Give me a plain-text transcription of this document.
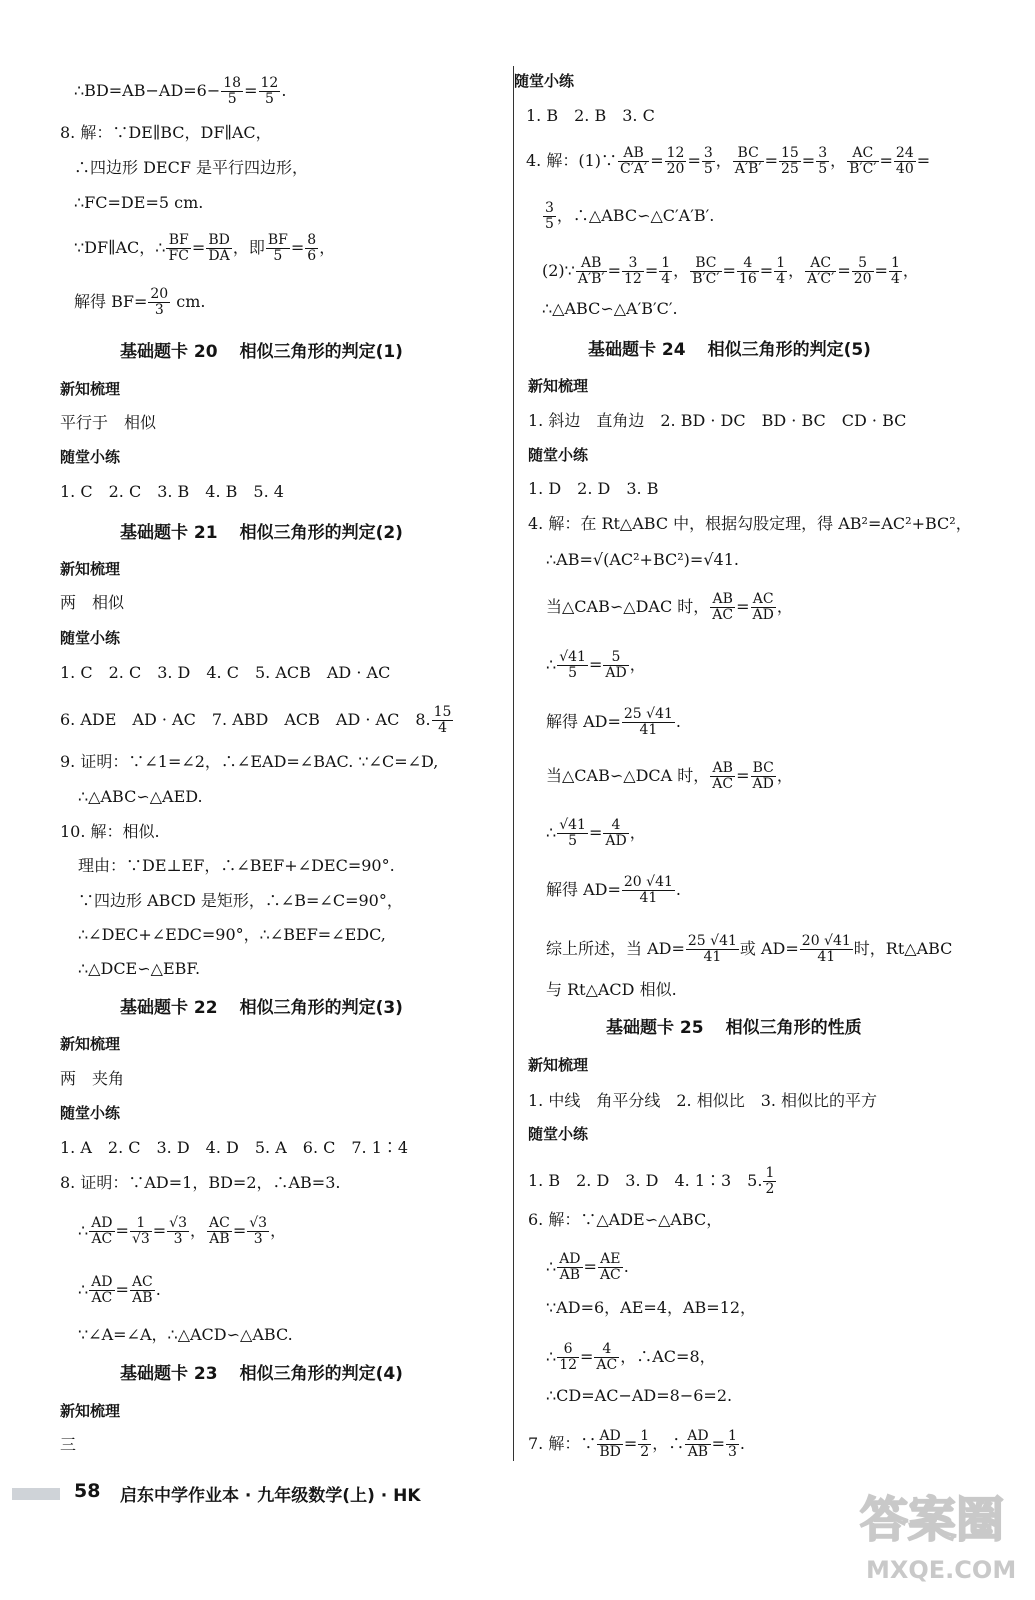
∴BD=AB−AD=6− $\frac{18}{5} = \frac{12}{5}$ .
8. 解：∵DE∥BC，DF∥AC，
∴四边形 DECF 是平行四边形，
∴FC=DE=5 cm.
∵DF∥AC，∴ $\frac{BF}{FC} = \frac{BD}{DA}$ ，即 $\frac{BF}{5} = \frac{8}{6}$ ，
解得 $BF= \frac{20}{3}$ cm.
基础题卡 20 相似三角形的判定(1)
新知梳理
平行于　相似
随堂小练
1. C　2. C　3. B　4. B　5. 4
基础题卡 21 相似三角形的判定(2)
新知梳理
两　相似
随堂小练
1. C　2. C　3. D　4. C　5. ACB　AD · AC
6. ADE　AD · AC　7. ABD　ACB　AD · AC　8. $\frac{15}{4}$
9. 证明：∵∠1=∠2，∴∠EAD=∠BAC. ∵∠C=∠D,
∴△ABC∽△AED.
10. 解：相似.
理由：∵DE⊥EF，∴∠BEF+∠DEC=90°.
∵四边形 ABCD 是矩形，∴∠B=∠C=90°，
∴∠DEC+∠EDC=90°，∴∠BEF=∠EDC,
∴△DCE∽△EBF.
基础题卡 22 相似三角形的判定(3)
新知梳理
两　夹角
随堂小练
1. A　2. C　3. D　4. D　5. A　6. C　7. 1∶4
8. 证明：∵AD=1，BD=2，∴AB=3.
∴ $\frac{AD}{AC} = \frac{1}{√3} = \frac{√3}{3}$ ， $\frac{AC}{AB} = \frac{√3}{3}$ ，
∴ $\frac{AD}{AC} = \frac{AC}{AB}$ .
∵∠A=∠A，∴△ACD∽△ABC.
基础题卡 23 相似三角形的判定(4)
新知梳理
三
随堂小练
1. B　2. B　3. C
4. 解：(1)∵ $\frac{AB}{C'A'} = \frac{12}{20} = \frac{3}{5}$ ， $\frac{BC}{A'B'} = \frac{15}{25} = \frac{3}{5}$ ， $\frac{AC}{B'C'} = \frac{24}{40}$ =
$\frac{3}{5}$ ，∴△ABC∽△C′A′B′.
(2)∵ $\frac{AB}{A'B'} = \frac{3}{12} = \frac{1}{4}$ ， $\frac{BC}{B'C'} = \frac{4}{16} = \frac{1}{4}$ ， $\frac{AC}{A'C'} = \frac{5}{20} = \frac{1}{4}$ ，
∴△ABC∽△A′B′C′.
基础题卡 24 相似三角形的判定(5)
新知梳理
1. 斜边　直角边　2. BD · DC　BD · BC　CD · BC
随堂小练
1. D　2. D　3. B
4. 解：在 Rt△ABC 中，根据勾股定理，得 AB²=AC²+BC²，
∴AB=√(AC²+BC²)=√41.
当△CAB∽△DAC 时， $\frac{AB}{AC} = \frac{AC}{AD}$ ，
∴ $\frac{√41}{5} = \frac{5}{AD}$ ，
解得 $AD= \frac{25 √41}{41}$ .
当△CAB∽△DCA 时， $\frac{AB}{AC} = \frac{BC}{AD}$ ，
∴ $\frac{√41}{5} = \frac{4}{AD}$ ，
解得 $AD= \frac{20 √41}{41}$ .
综上所述，当 $AD= \frac{25 √41}{41}$ 或 $AD= \frac{20 √41}{41}$ 时，Rt△ABC
与 Rt△ACD 相似.
基础题卡 25 相似三角形的性质
新知梳理
1. 中线　角平分线　2. 相似比　3. 相似比的平方
随堂小练
1. B　2. D　3. D　4. 1∶3　5. $\frac{1}{2}$
6. 解：∵△ADE∽△ABC，
∴ $\frac{AD}{AB} = \frac{AE}{AC}$ .
∵AD=6，AE=4，AB=12，
∴ $\frac{6}{12} = \frac{4}{AC}$ ，∴AC=8，
∴CD=AC−AD=8−6=2.
7. 解：∵ $\frac{AD}{BD} = \frac{1}{2}$ ，∴ $\frac{AD}{AB} = \frac{1}{3}$ .
58 启东中学作业本 · 九年级数学(上) · HK	答案圈
MXQE.COM
